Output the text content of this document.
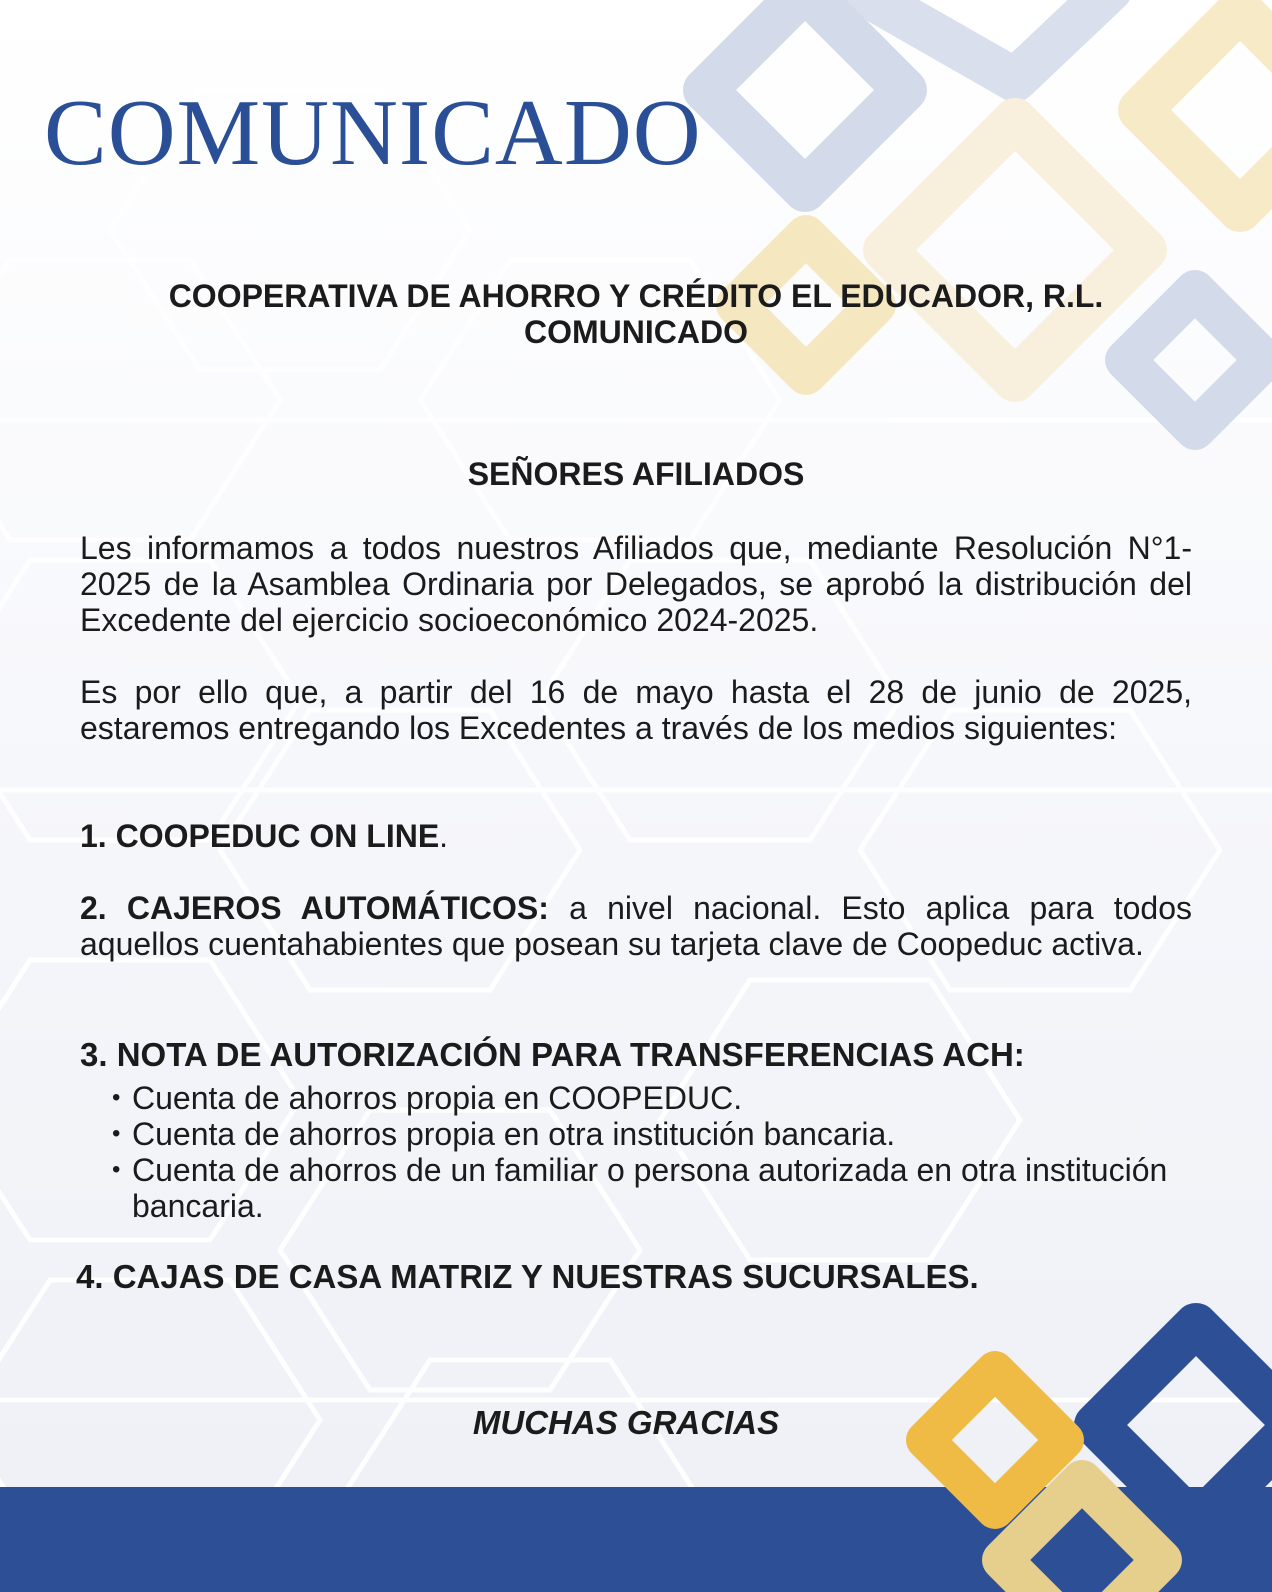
COMUNICADO
COOPERATIVA DE AHORRO Y CRÉDITO EL EDUCADOR, R.L.
COMUNICADO
SEÑORES AFILIADOS

Les informamos a todos nuestros Afiliados que, mediante Resolución N°1-2025 de la Asamblea Ordinaria por Delegados, se aprobó la distribución del Excedente del ejercicio socioeconómico 2024-2025.

Es por ello que, a partir del 16 de mayo hasta el 28 de junio de 2025, estaremos entregando los Excedentes a través de los medios siguientes:

1. COOPEDUC ON LINE.

2. CAJEROS AUTOMÁTICOS: a nivel nacional. Esto aplica para todos aquellos cuentahabientes que posean su tarjeta clave de Coopeduc activa.

3. NOTA DE AUTORIZACIÓN PARA TRANSFERENCIAS ACH:
• Cuenta de ahorros propia en COOPEDUC.
• Cuenta de ahorros propia en otra institución bancaria.
• Cuenta de ahorros de un familiar o persona autorizada en otra institución bancaria.
4. CAJAS DE CASA MATRIZ Y NUESTRAS SUCURSALES.
MUCHAS GRACIAS
